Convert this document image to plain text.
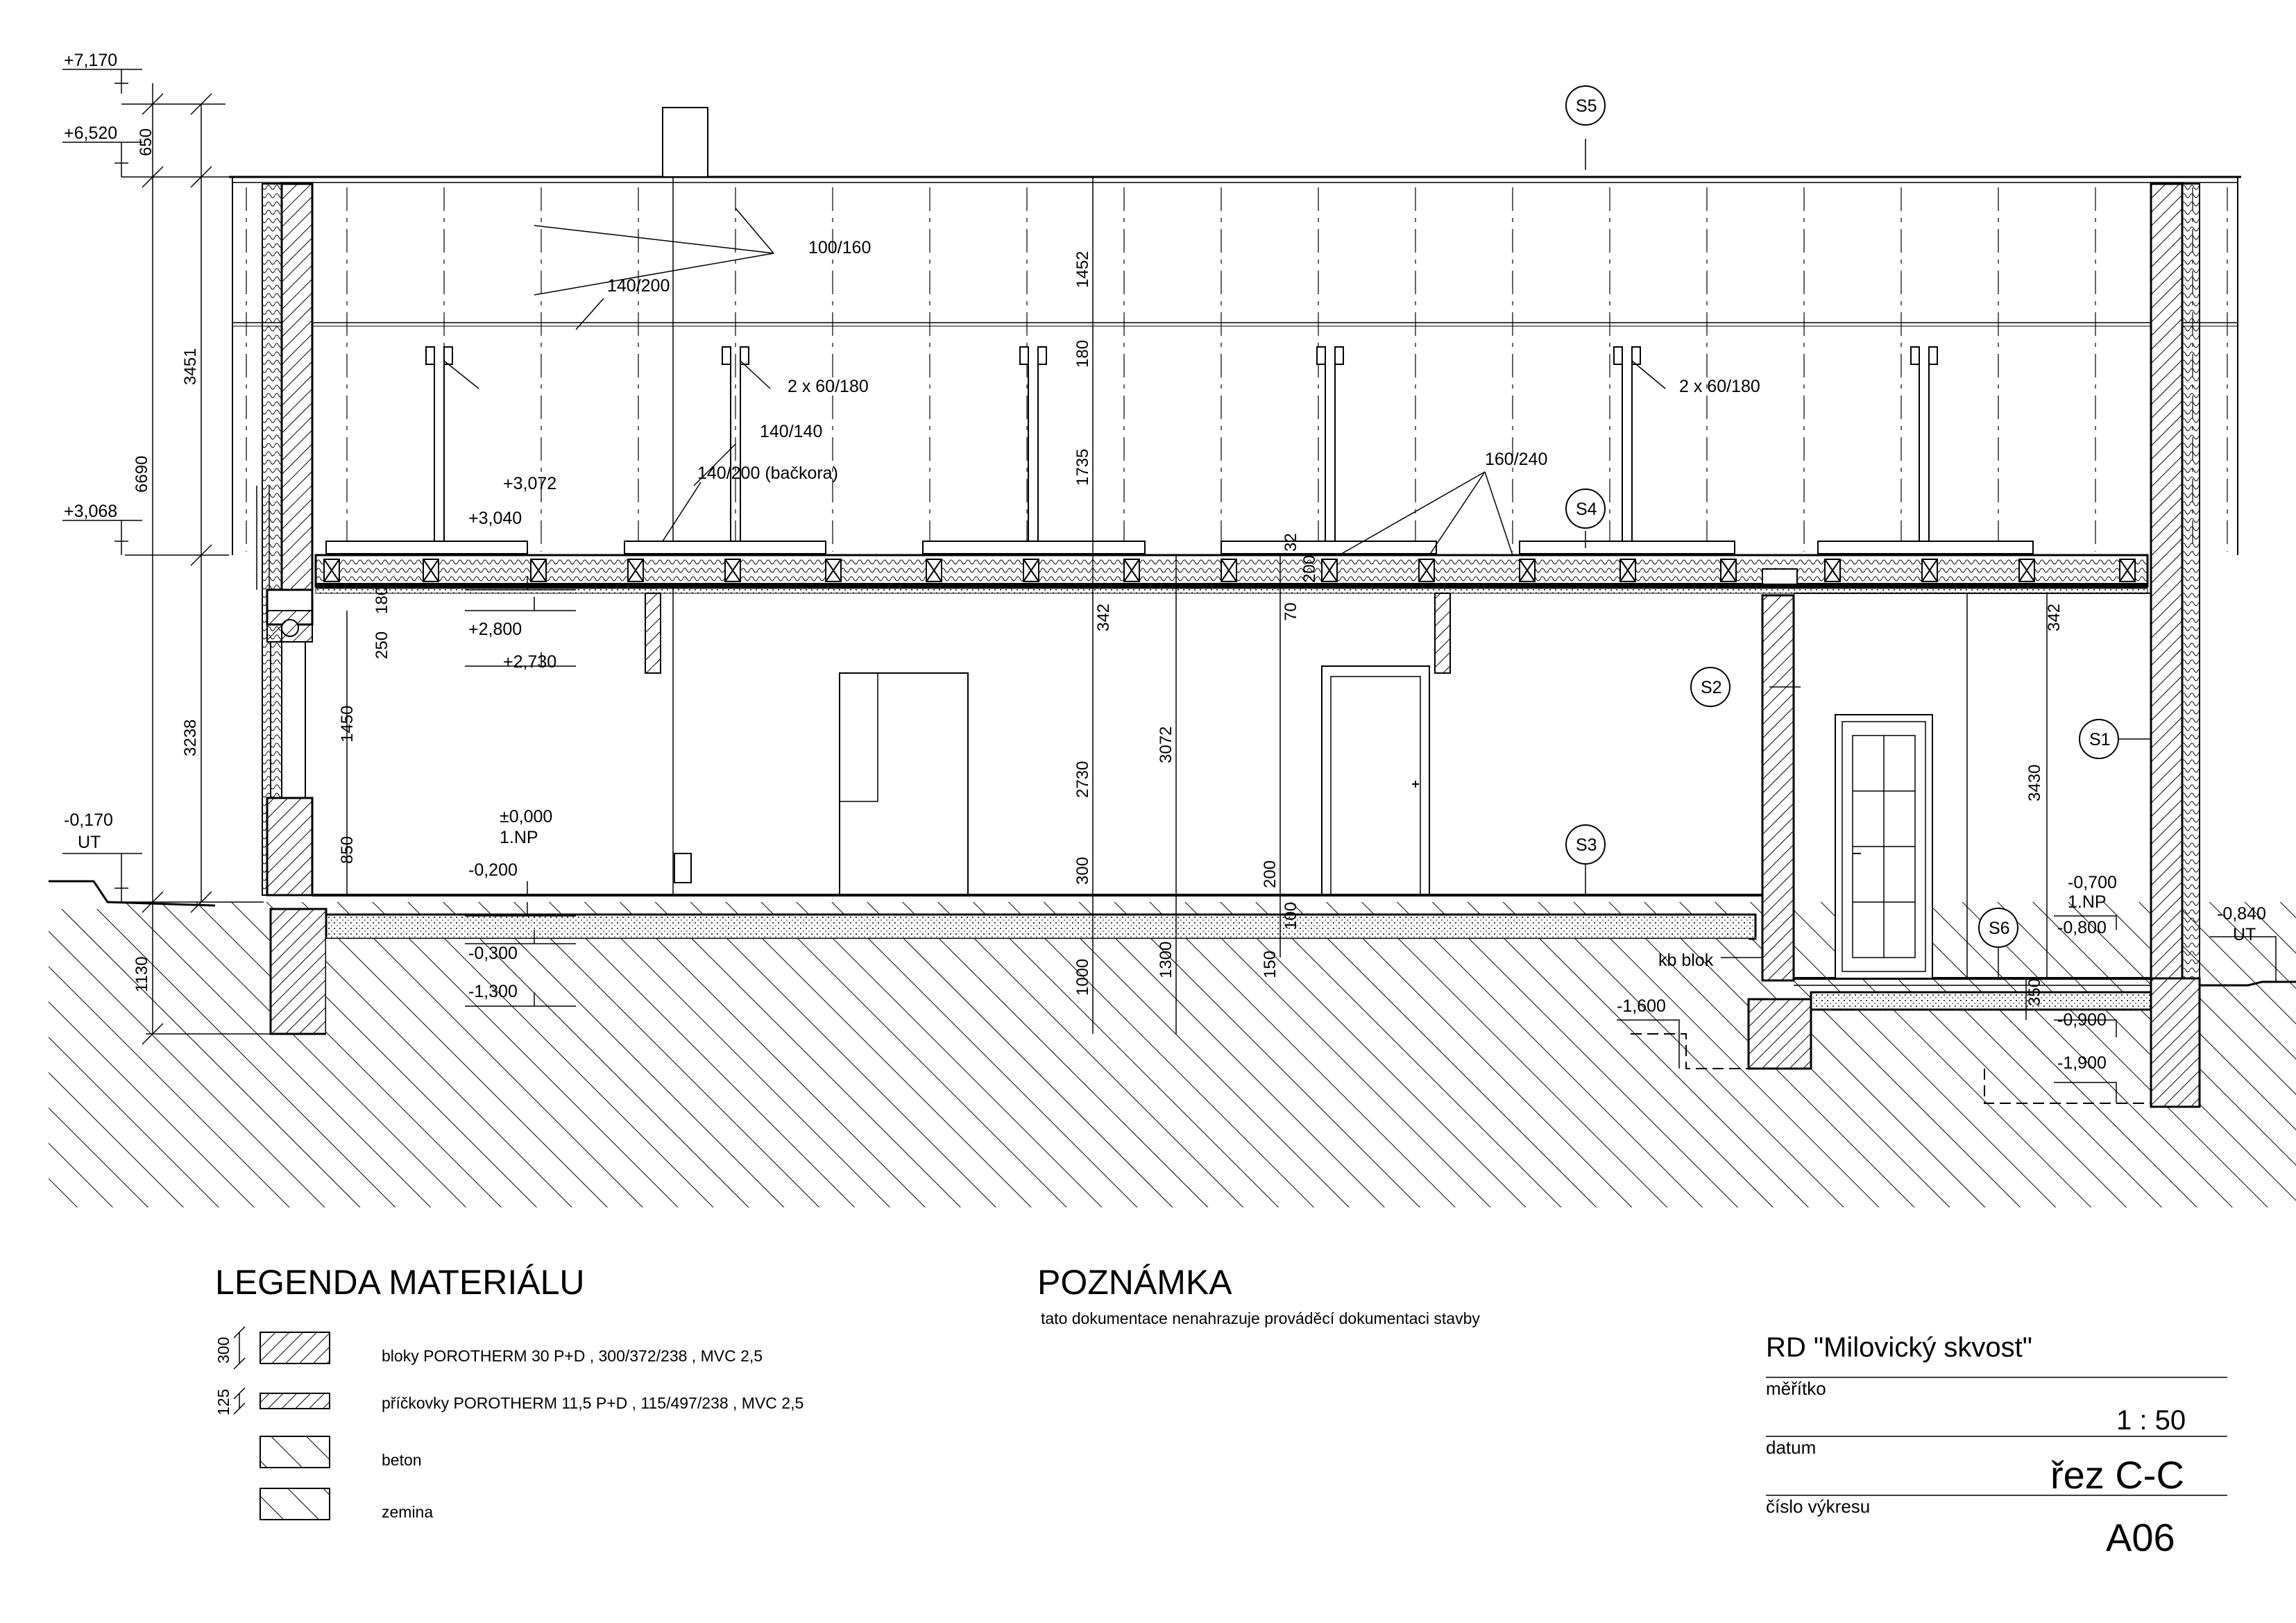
+7,170
+6,520
+3,068
-0,170
UT
650
3451
6690
3238
1130
S1
S2
S3
S4
S5
S6
100/160
140/200
2 x 60/180	2 x 60/180
140/140
140/200 (bačkora)
160/240
+3,072
+3,040
+2,800
+2,730
±0,000
1.NP
-0,200
-0,300
-1,300
-1,600
-0,700
1.NP
-0,800
-0,900
-1,900
-0,840
UT
250
180
1450
850
1452
180
1735
342
2730
300
1000
3072
1300
70
32
200
200
100
150
342
3430
350
kb blok
LEGENDA MATERIÁLU
300	bloky POROTHERM 30 P+D , 300/372/238 , MVC 2,5
125	příčkovky POROTHERM 11,5 P+D , 115/497/238 , MVC 2,5
beton
zemina
POZNÁMKA
tato dokumentace nenahrazuje prováděcí dokumentaci stavby
RD "Milovický skvost"
měřítko
1 : 50
datum
řez C-C
číslo výkresu
A06
